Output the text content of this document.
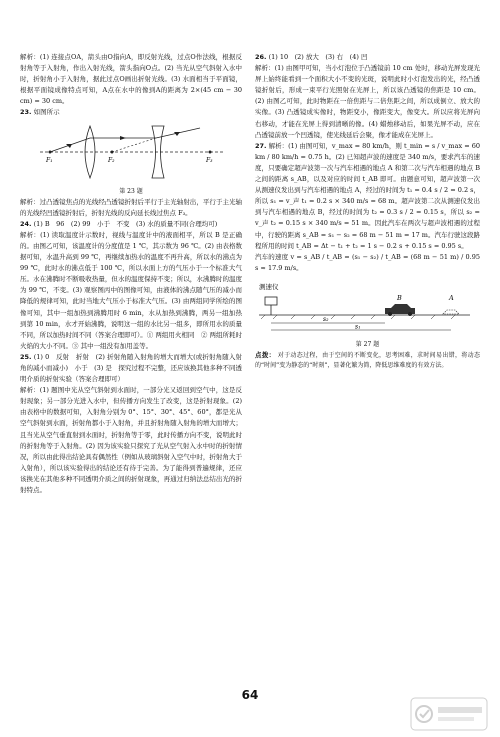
解析：(1) 连接点OA，箭头由O指向A，即反射光线，过点O作法线，根据反射角等于入射角，作出入射光线，箭头指向O点。(2) 当光从空气斜射入水中时，折射角小于入射角，据此过点O画出折射光线。(3) 水面相当于平面镜，根据平面镜成像特点可知，A点在水中的像到A的距离为 2×(45 cm − 30 cm) = 30 cm。

23. 如图所示

F₁	F₂	F₃
第 23 题

解析：过凸透镜焦点的光线经凸透镜折射后平行于主光轴射出，平行于主光轴的光线经凹透镜折射后，折射光线的反向延长线过焦点 F₃。

24. (1) B　96　(2) 99　小于　不变　(3) 水的质量不同(合理均可)

解析：(1) 读取温度计示数时，视线与温度计中的液面相平，所以 B 是正确的。由图乙可知，该温度计的分度值是 1 ℃，其示数为 96 ℃。(2) 由表格数据可知，水温升高到 99 ℃，再继续加热水的温度不再升高，所以水的沸点为 99 ℃，此时水的沸点低于 100 ℃，所以水面上方的气压小于一个标准大气压。水在沸腾时不断吸收热量，但水的温度保持不变；所以，水沸腾时的温度为 99 ℃，不变。(3) 观察图丙中的图像可知，由液体的沸点随气压的减小而降低的规律可知，此时当地大气压小于标准大气压。(3) 由两组同学所绘的图像可知，其中一组加热到沸腾用时 6 min，水从加热到沸腾，两另一组加热到第 10 min，水才开始沸腾，说明这一组的水比另一组多，即所用水的质量不同，所以加热时间不同（答案合理即可）。① 两组用火相同　② 两组所耗时火焰的大小不同。③ 其中一组没有加用盖等。

25. (1) 0　反射　折射　(2) 折射角随入射角的增大而增大(或折射角随入射角的减小而减小)　小于　(3) 是　探究过程不完整，还应该换其他多种不同透明介质的折射实验（答案合理即可）

解析：(1) 题图中光从空气斜射到水面时，一部分光又返回到空气中，这是反射现象；另一部分光进入水中，但传播方向发生了改变，这是折射现象。(2) 由表格中的数据可知，入射角分别为 0°、15°、30°、45°、60°，都是光从空气斜射到水面，折射角都小于入射角，并且折射角随入射角的增大而增大；且当光从空气垂直射到水面时，折射角等于零，此时传播方向不变，说明此时的折射角等于入射角。(2) 因为该实验只探究了光从空气射入水中时的折射情况，所以由此得出结论具有偶然性（例如从玻璃斜射入空气中时，折射角大于入射角），所以该实验得出的结论还有待于完善。为了能得到普遍规律，还应该换光在其他多种不同透明介质之间的折射现象，再通过归纳法总结出光的折射特点。

26. (1) 10　(2) 放大　(3) 右　(4) 凹

解析：(1) 由图甲可知，当小灯泡位于凸透镜前 10 cm 处时，移动光屏发现光屏上始终能看到一个面积大小不变的光斑，说明此时小灯泡发出的光，经凸透镜折射后，形成一束平行光照射在光屏上，所以该凸透镜的焦距是 10 cm。(2) 由图乙可知，此时物距在一倍焦距与二倍焦距之间，所以成倒立、放大的实像。(3) 凸透镜成实像时，物距变小，像距变大，像变大。所以应将光屏向右移动，才能在光屏上得到清晰的像。(4) 蜡烛移动后，如果光屏不动，应在凸透镜前放一个凹透镜，使光线延后会聚，像才能成在光屏上。

27. 解析：(1) 由图可知，v_max = 80 km/h，则 t_min = s / v_max = 60 km / 80 km/h = 0.75 h。(2) 已知超声波的速度是 340 m/s，要求汽车的速度，只要确定超声波第一次与汽车相遇的地点 A 和第二次与汽车相遇的地点 B 之间的距离 s_AB，以及对应的时间 t_AB 即可。由题意可知，超声波第一次从测速仪发出到与汽车相遇的地点 A，经过的时间为 t₁ = 0.4 s / 2 = 0.2 s，所以 s₁ = v_声 t₁ = 0.2 s × 340 m/s = 68 m。超声波第二次从测速仪发出到与汽车相遇的地点 B，经过的时间为 t₂ = 0.3 s / 2 = 0.15 s，所以 s₂ = v_声 t₂ = 0.15 s × 340 m/s = 51 m。因此汽车在两次与超声波相遇的过程中，行驶的距离 s_AB = s₁ − s₂ = 68 m − 51 m = 17 m。汽车行驶这段路程所用的时间 t_AB = Δt − t₁ + t₂ = 1 s − 0.2 s + 0.15 s = 0.95 s。

汽车的速度 v = s_AB / t_AB = (s₁ − s₂) / t_AB = (68 m − 51 m) / 0.95 s ≈ 17.9 m/s。

测速仪
B	A
s₂
s₁
第 27 题

点拨： 对于动态过程，由于空间的不断变化，思考困难，求时间易出错，将动态的“时间”变为静态的“时刻”，显著化繁为简，降低思维难度的有效方法。

64
